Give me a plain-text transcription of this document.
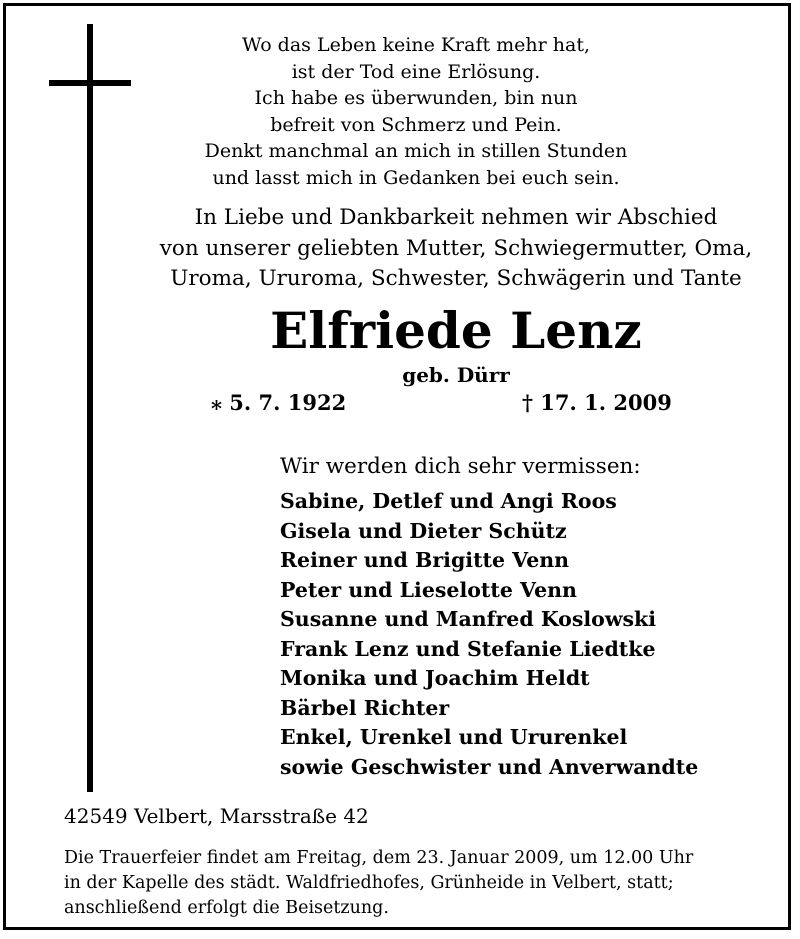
Wo das Leben keine Kraft mehr hat,
ist der Tod eine Erlösung.
Ich habe es überwunden, bin nun
befreit von Schmerz und Pein.
Denkt manchmal an mich in stillen Stunden
und lasst mich in Gedanken bei euch sein.
In Liebe und Dankbarkeit nehmen wir Abschied
von unserer geliebten Mutter, Schwiegermutter, Oma,
Uroma, Ururoma, Schwester, Schwägerin und Tante
Elfriede Lenz
geb. Dürr
⁎ 5. 7. 1922	† 17. 1. 2009
Wir werden dich sehr vermissen:
Sabine, Detlef und Angi Roos
Gisela und Dieter Schütz
Reiner und Brigitte Venn
Peter und Lieselotte Venn
Susanne und Manfred Koslowski
Frank Lenz und Stefanie Liedtke
Monika und Joachim Heldt
Bärbel Richter
Enkel, Urenkel und Ururenkel
sowie Geschwister und Anverwandte
42549 Velbert, Marsstraße 42
Die Trauerfeier findet am Freitag, dem 23. Januar 2009, um 12.00 Uhr
in der Kapelle des städt. Waldfriedhofes, Grünheide in Velbert, statt;
anschließend erfolgt die Beisetzung.
